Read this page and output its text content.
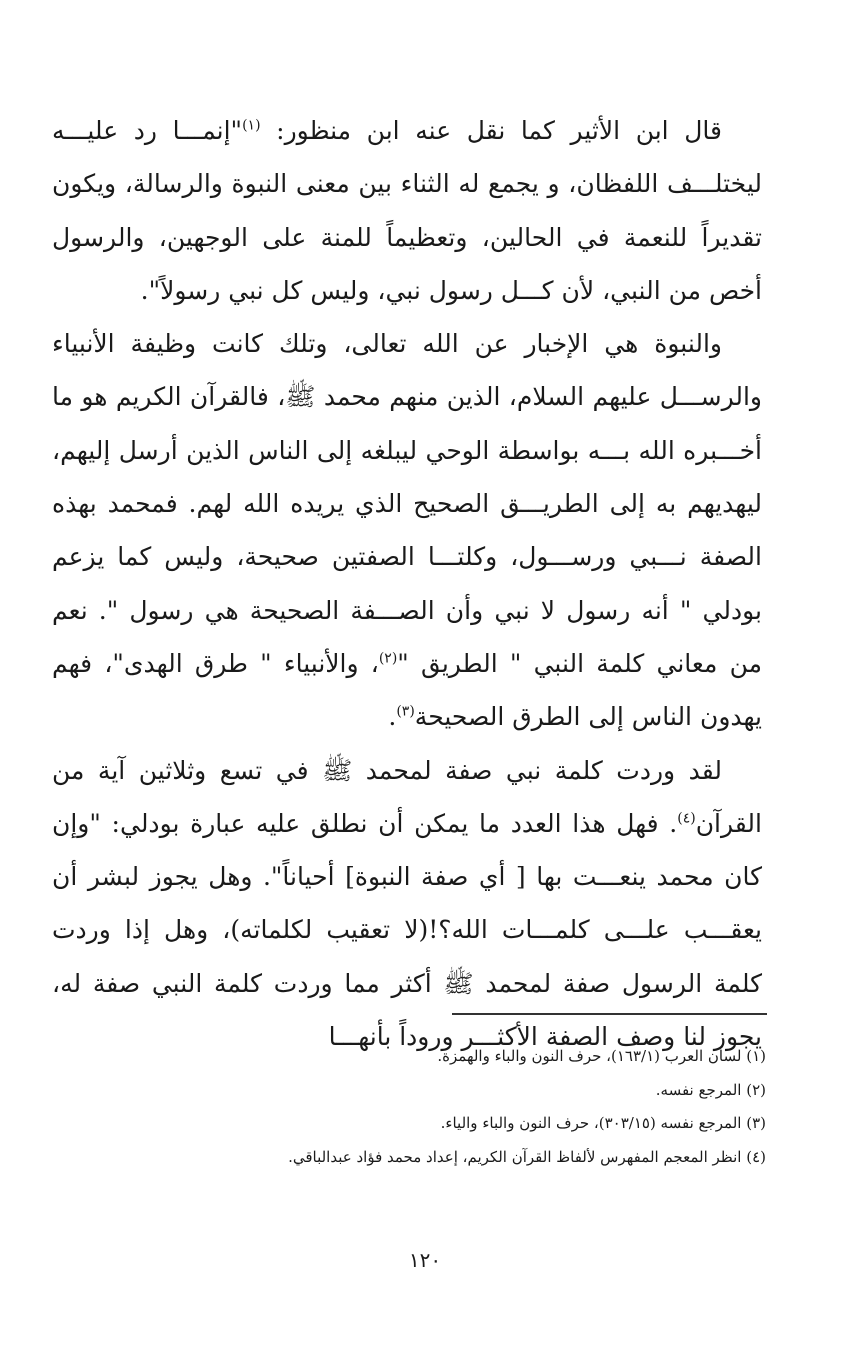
قال ابن الأثير كما نقل عنه ابن منظور: $^{(١)}$"إنمـــا رد عليـــه ليختلـــف اللفظان، و يجمع له الثناء بين معنى النبوة والرسالة، ويكون تقديراً للنعمة في الحالين، وتعظيماً للمنة على الوجهين، والرسول أخص من النبي، لأن كـــل رسول نبي، وليس كل نبي رسولاً".

والنبوة هي الإخبار عن الله تعالى، وتلك كانت وظيفة الأنبياء والرســـل عليهم السلام، الذين منهم محمد ﷺ، فالقرآن الكريم هو ما أخـــبره الله بـــه بواسطة الوحي ليبلغه إلى الناس الذين أرسل إليهم، ليهديهم به إلى الطريـــق الصحيح الذي يريده الله لهم. فمحمد بهذه الصفة نـــبي ورســـول، وكلتـــا الصفتين صحيحة، وليس كما يزعم بودلي " أنه رسول لا نبي وأن الصـــفة الصحيحة هي رسول ". نعم من معاني كلمة النبي " الطريق "$^{(٢)}$، والأنبياء " طرق الهدى"، فهم يهدون الناس إلى الطرق الصحيحة$^{(٣)}$.

لقد وردت كلمة نبي صفة لمحمد ﷺ في تسع وثلاثين آية من القرآن$^{(٤)}$. فهل هذا العدد ما يمكن أن نطلق عليه عبارة بودلي: "وإن كان محمد ينعـــت بها [ أي صفة النبوة] أحياناً". وهل يجوز لبشر أن يعقـــب علـــى كلمـــات الله؟!(لا تعقيب لكلماته)، وهل إذا وردت كلمة الرسول صفة لمحمد ﷺ أكثر مما وردت كلمة النبي صفة له، يجوز لنا وصف الصفة الأكثـــر وروداً بأنهـــا

(١) لسان العرب (١٦٣/١)، حرف النون والباء والهمزة.

(٢) المرجع نفسه.

(٣) المرجع نفسه (٣٠٣/١٥)، حرف النون والباء والياء.

(٤) انظر المعجم المفهرس لألفاظ القرآن الكريم، إعداد محمد فؤاد عبدالباقي.

١٢٠
